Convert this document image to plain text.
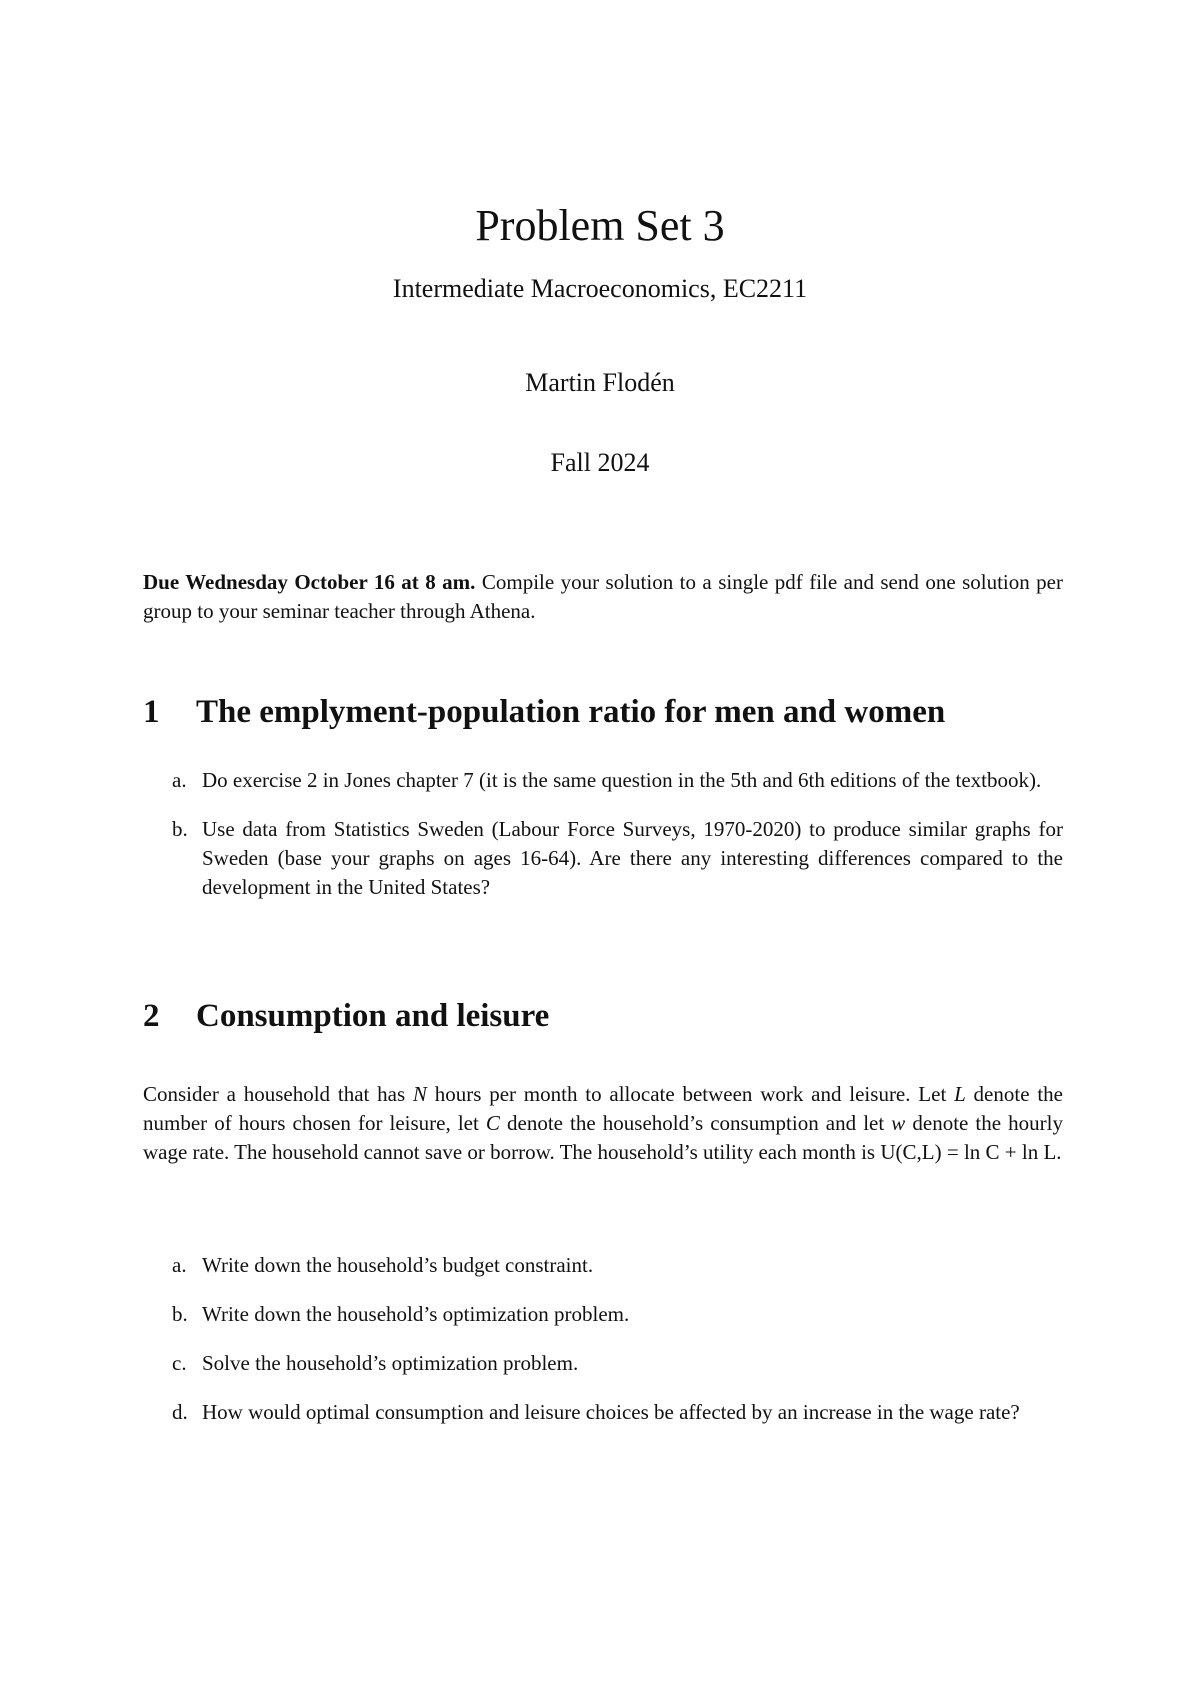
Problem Set 3
Intermediate Macroeconomics, EC2211
Martin Flodén
Fall 2024
Due Wednesday October 16 at 8 am. Compile your solution to a single pdf file and send one solution per group to your seminar teacher through Athena.
1 The emplyment-population ratio for men and women
a. Do exercise 2 in Jones chapter 7 (it is the same question in the 5th and 6th editions of the textbook).
b. Use data from Statistics Sweden (Labour Force Surveys, 1970-2020) to produce similar graphs for Sweden (base your graphs on ages 16-64). Are there any interesting differences compared to the development in the United States?
2 Consumption and leisure
Consider a household that has N hours per month to allocate between work and leisure. Let L denote the number of hours chosen for leisure, let C denote the household’s consumption and let w denote the hourly wage rate. The household cannot save or borrow. The household’s utility each month is U(C,L) = ln C + ln L.
a. Write down the household’s budget constraint.
b. Write down the household’s optimization problem.
c. Solve the household’s optimization problem.
d. How would optimal consumption and leisure choices be affected by an increase in the wage rate?
